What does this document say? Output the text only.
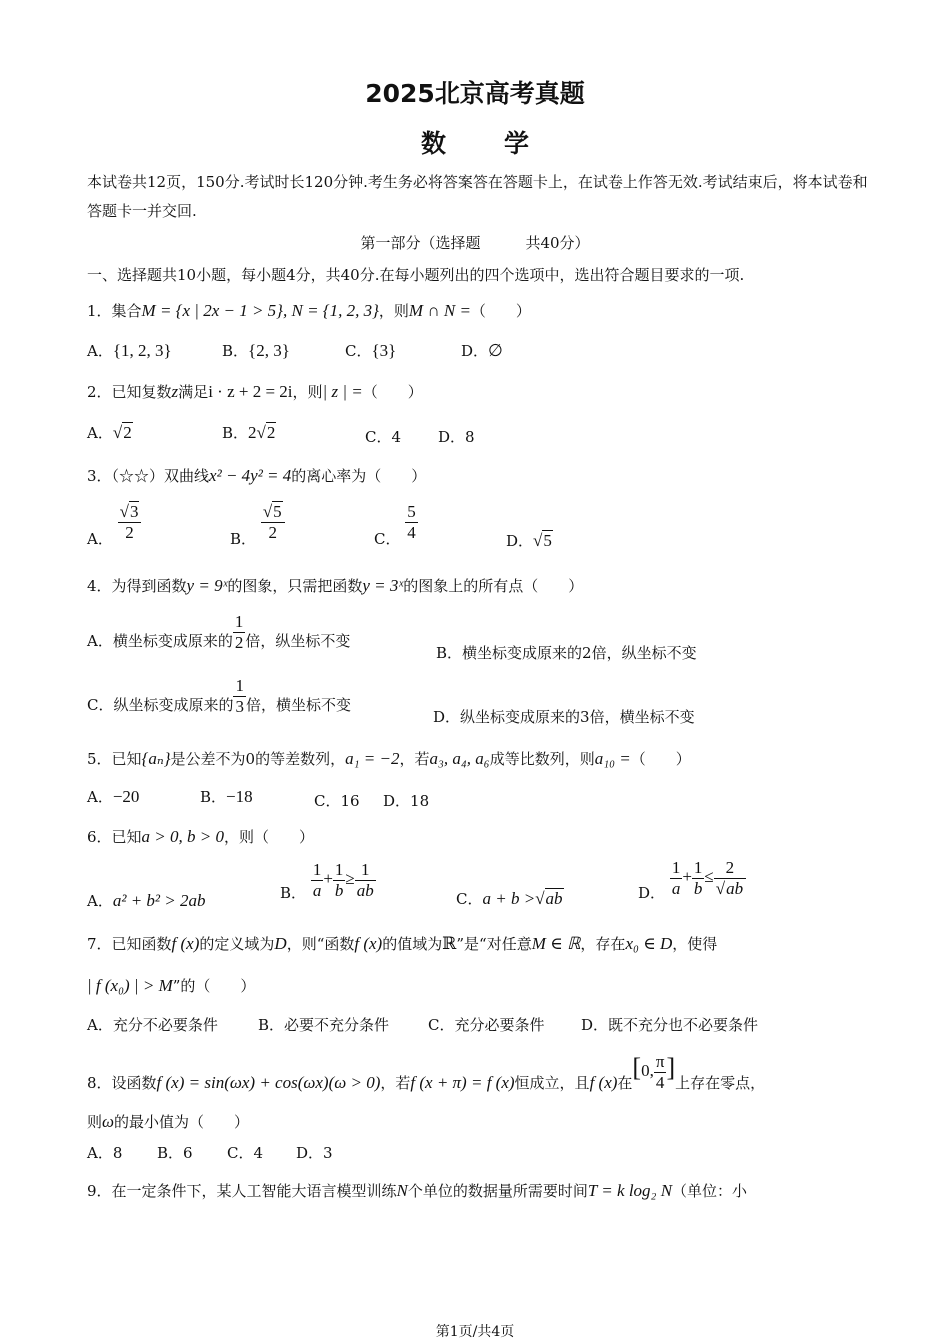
2025北京高考真题
数学
本试卷共12页，150分.考试时长120分钟.考生务必将答案答在答题卡上，在试卷上作答无效.考试结束后，将本试卷和答题卡一并交回.
第一部分（选择题　　　共40分）
一、选择题共10小题，每小题4分，共40分.在每小题列出的四个选项中，选出符合题目要求的一项.
1．集合M = {x | 2x − 1 > 5}, N = {1, 2, 3}，则M ∩ N =（　　）
A．{1, 2, 3}	B．{2, 3}	C．{3}	D．∅
2．已知复数z满足i · z + 2 = 2i，则| z | =（　　）
A．√2	B．2√2	C．4 D．8
3．（☆☆）双曲线x² − 4y² = 4的离心率为（　　）
A． $\frac{√3}{2}$	B． $\frac{√5}{2}$	C． $\frac{5}{4}$	D．√5
4．为得到函数y = 9ˣ的图象，只需把函数y = 3ˣ的图象上的所有点（　　）
A．横坐标变成原来的 $\frac{1}{2}$ 倍，纵坐标不变
B．横坐标变成原来的2倍，纵坐标不变
C．纵坐标变成原来的 $\frac{1}{3}$ 倍，横坐标不变
D．纵坐标变成原来的3倍，横坐标不变
5．已知{aₙ}是公差不为0的等差数列，a₁ = −2，若a₃, a₄, a₆成等比数列，则a₁₀ =（　　）
A．−20	B．−18	C．16 D．18
6．已知a > 0, b > 0，则（　　）
A．a² + b² > 2ab	B． $\frac{1}{a} + \frac{1}{b} \ge \frac{1}{ab}$	C．a + b >√ab	D． $\frac{1}{a} + \frac{1}{b} \le \frac{2}{√ab}$
7．已知函数f (x)的定义域为D，则“函数f (x)的值域为ℝ”是“对任意M ∈ ℝ，存在x₀ ∈ D，使得
| f (x₀) | > M”的（　　）
A．充分不必要条件	B．必要不充分条件	C．充分必要条件 D．既不充分也不必要条件
8．设函数f (x) = sin(ωx) + cos(ωx)(ω > 0)，若f (x + π) = f (x)恒成立，且f (x)在[0, $\frac{\pi}{4}$ ]上存在零点，
则ω的最小值为（　　）
A．8 B．6 C．4 D．3
9．在一定条件下，某人工智能大语言模型训练N个单位的数据量所需要时间T = k log₂ N（单位：小
第1页/共4页
